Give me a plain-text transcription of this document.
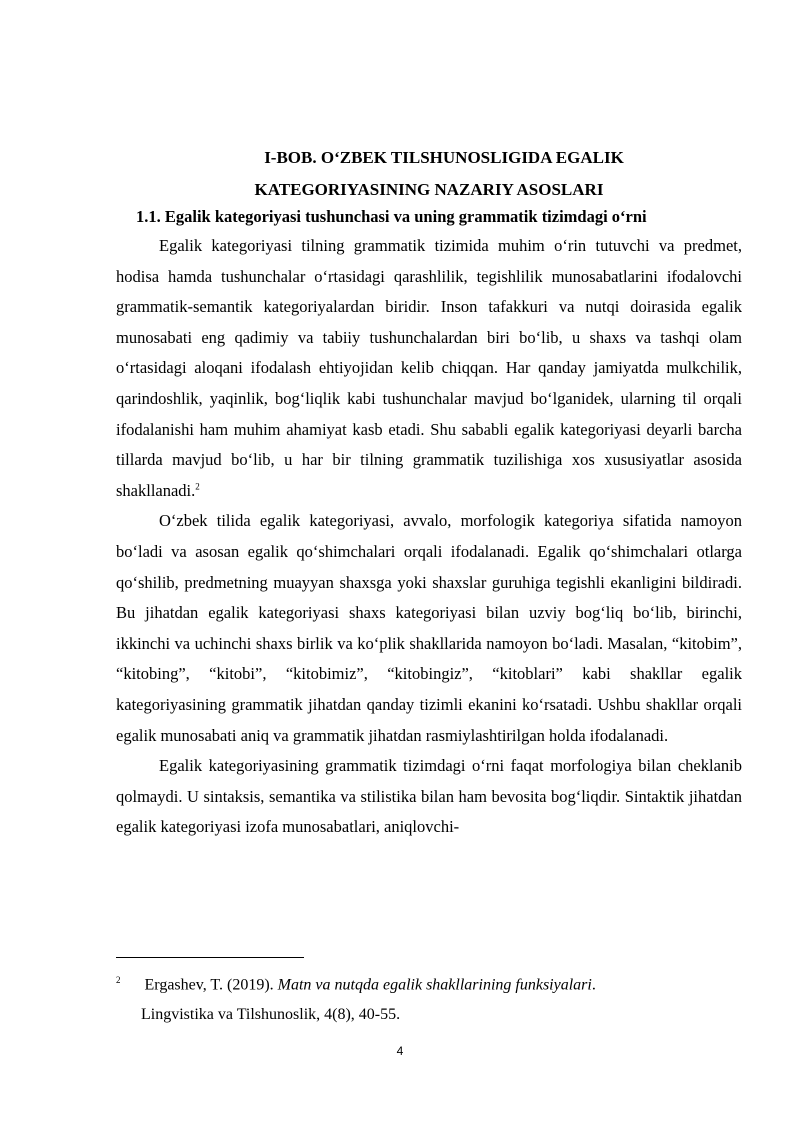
I-BOB. O‘ZBEK TILSHUNOSLIGIDA EGALIK
KATEGORIYASINING NAZARIY ASOSLARI
1.1. Egalik kategoriyasi tushunchasi va uning grammatik tizimdagi o‘rni

Egalik kategoriyasi tilning grammatik tizimida muhim o‘rin tutuvchi va predmet, hodisa hamda tushunchalar o‘rtasidagi qarashlilik, tegishlilik munosabatlarini ifodalovchi grammatik-semantik kategoriyalardan biridir. Inson tafakkuri va nutqi doirasida egalik munosabati eng qadimiy va tabiiy tushunchalardan biri bo‘lib, u shaxs va tashqi olam o‘rtasidagi aloqani ifodalash ehtiyojidan kelib chiqqan. Har qanday jamiyatda mulkchilik, qarindoshlik, yaqinlik, bog‘liqlik kabi tushunchalar mavjud bo‘lganidek, ularning til orqali ifodalanishi ham muhim ahamiyat kasb etadi. Shu sababli egalik kategoriyasi deyarli barcha tillarda mavjud bo‘lib, u har bir tilning grammatik tuzilishiga xos xususiyatlar asosida shakllanadi.$^2$

O‘zbek tilida egalik kategoriyasi, avvalo, morfologik kategoriya sifatida namoyon bo‘ladi va asosan egalik qo‘shimchalari orqali ifodalanadi. Egalik qo‘shimchalari otlarga qo‘shilib, predmetning muayyan shaxsga yoki shaxslar guruhiga tegishli ekanligini bildiradi. Bu jihatdan egalik kategoriyasi shaxs kategoriyasi bilan uzviy bog‘liq bo‘lib, birinchi, ikkinchi va uchinchi shaxs birlik va ko‘plik shakllarida namoyon bo‘ladi. Masalan, “kitobim”, “kitobing”, “kitobi”, “kitobimiz”, “kitobingiz”, “kitoblari” kabi shakllar egalik kategoriyasining grammatik jihatdan qanday tizimli ekanini ko‘rsatadi. Ushbu shakllar orqali egalik munosabati aniq va grammatik jihatdan rasmiylashtirilgan holda ifodalanadi.

Egalik kategoriyasining grammatik tizimdagi o‘rni faqat morfologiya bilan cheklanib qolmaydi. U sintaksis, semantika va stilistika bilan ham bevosita bog‘liqdir. Sintaktik jihatdan egalik kategoriyasi izofa munosabatlari, aniqlovchi-

$^2$ Ergashev, T. (2019). Matn va nutqda egalik shakllarining funksiyalari.
Lingvistika va Tilshunoslik, 4(8), 40-55.
4
